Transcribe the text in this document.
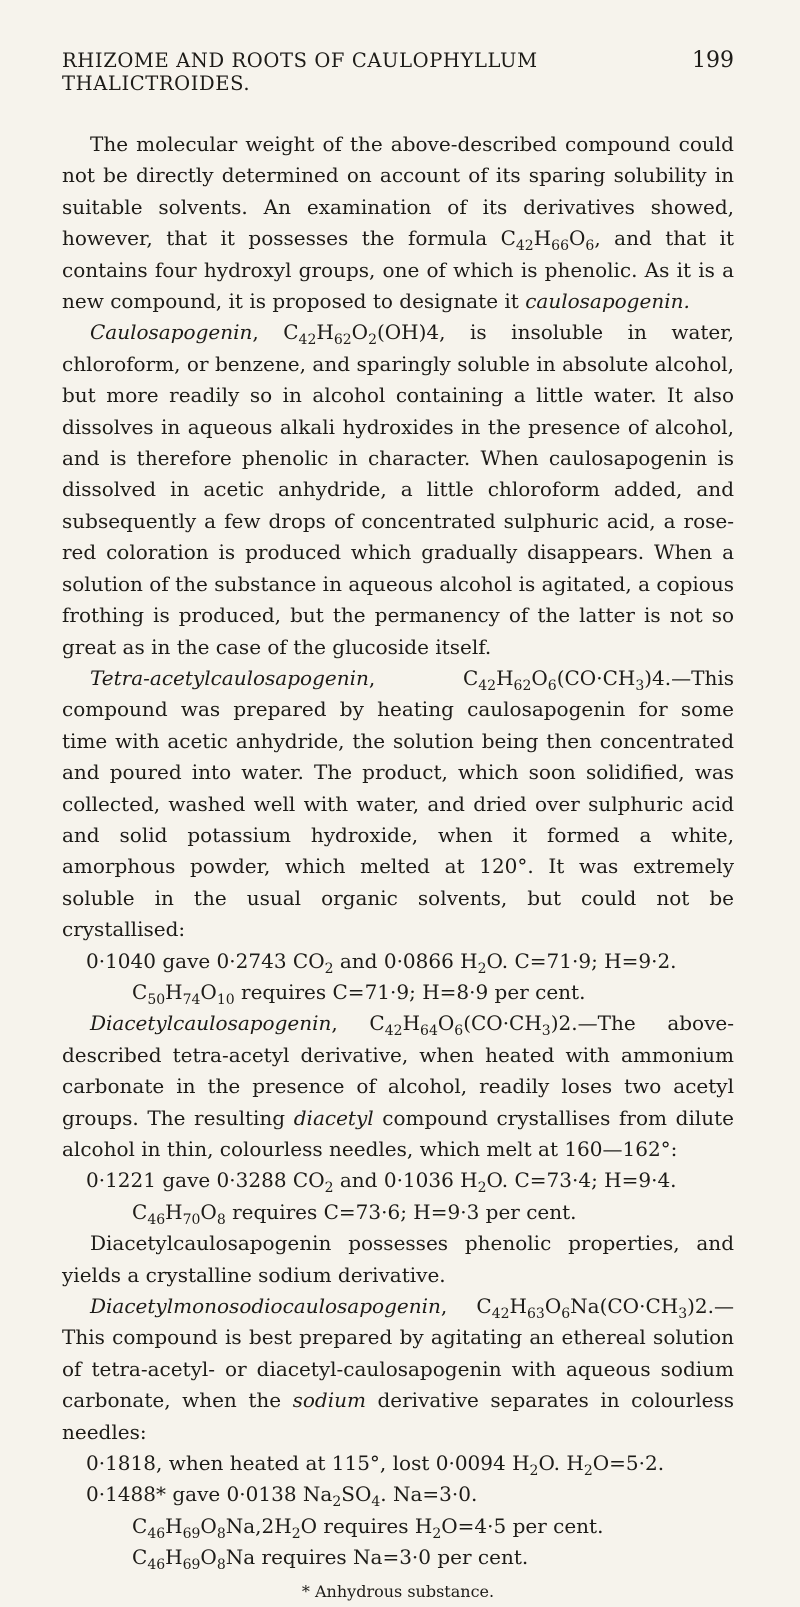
RHIZOME AND ROOTS OF CAULOPHYLLUM THALICTROIDES.
199

The molecular weight of the above-described compound could not be directly determined on account of its sparing solubility in suitable solvents. An examination of its derivatives showed, however, that it possesses the formula $C_{42}H_{66}O_6$, and that it contains four hydroxyl groups, one of which is phenolic. As it is a new compound, it is proposed to designate it caulosapogenin.

Caulosapogenin, $C_{42}H_{62}O_2(OH)4$, is insoluble in water, chloroform, or benzene, and sparingly soluble in absolute alcohol, but more readily so in alcohol containing a little water. It also dissolves in aqueous alkali hydroxides in the presence of alcohol, and is therefore phenolic in character. When caulosapogenin is dissolved in acetic anhydride, a little chloroform added, and subsequently a few drops of concentrated sulphuric acid, a rose-red coloration is produced which gradually disappears. When a solution of the substance in aqueous alcohol is agitated, a copious frothing is produced, but the permanency of the latter is not so great as in the case of the glucoside itself.

Tetra-acetylcaulosapogenin, $C_{42}H_{62}O_6(CO\cdot CH_3)4.—This$ compound was prepared by heating caulosapogenin for some time with acetic anhydride, the solution being then concentrated and poured into water. The product, which soon solidified, was collected, washed well with water, and dried over sulphuric acid and solid potassium hydroxide, when it formed a white, amorphous powder, which melted at 120°. It was extremely soluble in the usual organic solvents, but could not be crystallised:

0·1040 gave 0·2743 $CO_2$ and 0·0866 $H_2O$. C=71·9; H=9·2.

$C_{50}H_{74}O_{10}$ requires C=71·9; H=8·9 per cent.

Diacetylcaulosapogenin, $C_{42}H_{64}O_6(CO\cdot CH_3)2.—The$ above-described tetra-acetyl derivative, when heated with ammonium carbonate in the presence of alcohol, readily loses two acetyl groups. The resulting diacetyl compound crystallises from dilute alcohol in thin, colourless needles, which melt at 160—162°:

0·1221 gave 0·3288 $CO_2$ and 0·1036 $H_2O$. C=73·4; H=9·4.

$C_{46}H_{70}O_8$ requires C=73·6; H=9·3 per cent.

Diacetylcaulosapogenin possesses phenolic properties, and yields a crystalline sodium derivative.

Diacetylmonosodiocaulosapogenin, $C_{42}H_{63}O_6Na(CO\cdot CH_3)2.—This$ compound is best prepared by agitating an ethereal solution of tetra-acetyl- or diacetyl-caulosapogenin with aqueous sodium carbonate, when the sodium derivative separates in colourless needles:

0·1818, when heated at 115°, lost 0·0094 $H_2O$. $H_2O=5\cdot 2$.

0·1488* gave 0·0138 $Na_2SO_4$. Na=3·0.

$C_{46}H_{69}O_8Na,2H_2O$ requires $H_2O=4\cdot 5$ per cent.

$C_{46}H_{69}O_8Na$ requires Na=3·0 per cent.

* Anhydrous substance.
